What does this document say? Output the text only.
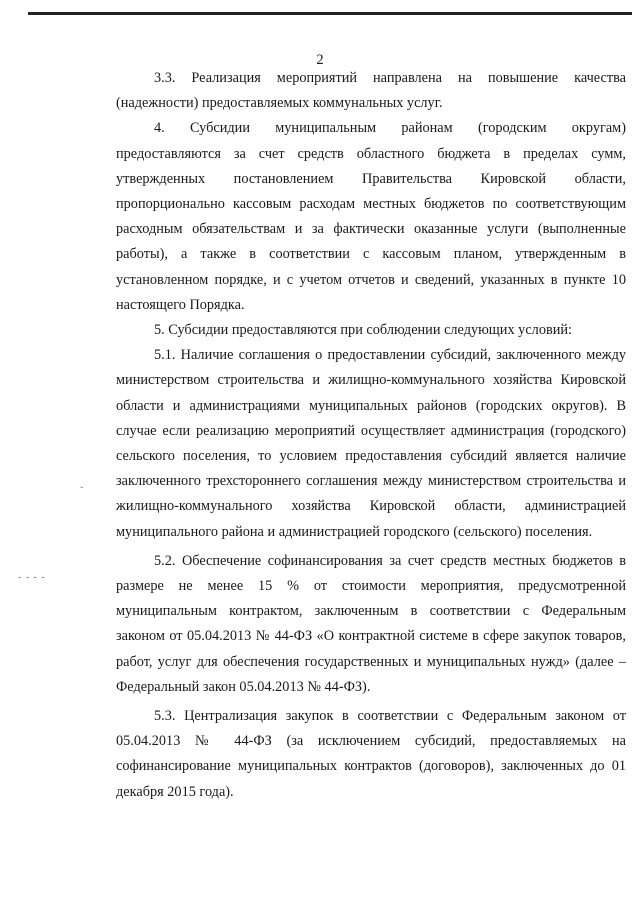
2
ˇ
‐ ‐ ‐ ‐

3.3. Реализация мероприятий направлена на повышение качества (надежности) предоставляемых коммунальных услуг.

4. Субсидии муниципальным районам (городским округам) предоставляются за счет средств областного бюджета в пределах сумм, утвержденных постановлением Правительства Кировской области, пропорционально кассовым расходам местных бюджетов по соответствующим расходным обязательствам и за фактически оказанные услуги (выполненные работы), а также в соответствии с кассовым планом, утвержденным в установленном порядке, и с учетом отчетов и сведений, указанных в пункте 10 настоящего Порядка.

5. Субсидии предоставляются при соблюдении следующих условий:

5.1. Наличие соглашения о предоставлении субсидий, заключенного между министерством строительства и жилищно-коммунального хозяйства Кировской области и администрациями муниципальных районов (городских округов). В случае если реализацию мероприятий осуществляет администрация (городского) сельского поселения, то условием предоставления субсидий является наличие заключенного трехстороннего соглашения между министерством строительства и жилищно-коммунального хозяйства Кировской области, администрацией муниципального района и администрацией городского (сельского) поселения.

5.2. Обеспечение софинансирования за счет средств местных бюджетов в размере не менее 15 % от стоимости мероприятия, предусмотренной муниципальным контрактом, заключенным в соответствии с Федеральным законом от 05.04.2013 № 44-ФЗ «О контрактной системе в сфере закупок товаров, работ, услуг для обеспечения государственных и муниципальных нужд» (далее – Федеральный закон 05.04.2013 № 44-ФЗ).

5.3. Централизация закупок в соответствии с Федеральным законом от 05.04.2013 № 44-ФЗ (за исключением субсидий, предоставляемых на софинансирование муниципальных контрактов (договоров), заключенных до 01 декабря 2015 года).
